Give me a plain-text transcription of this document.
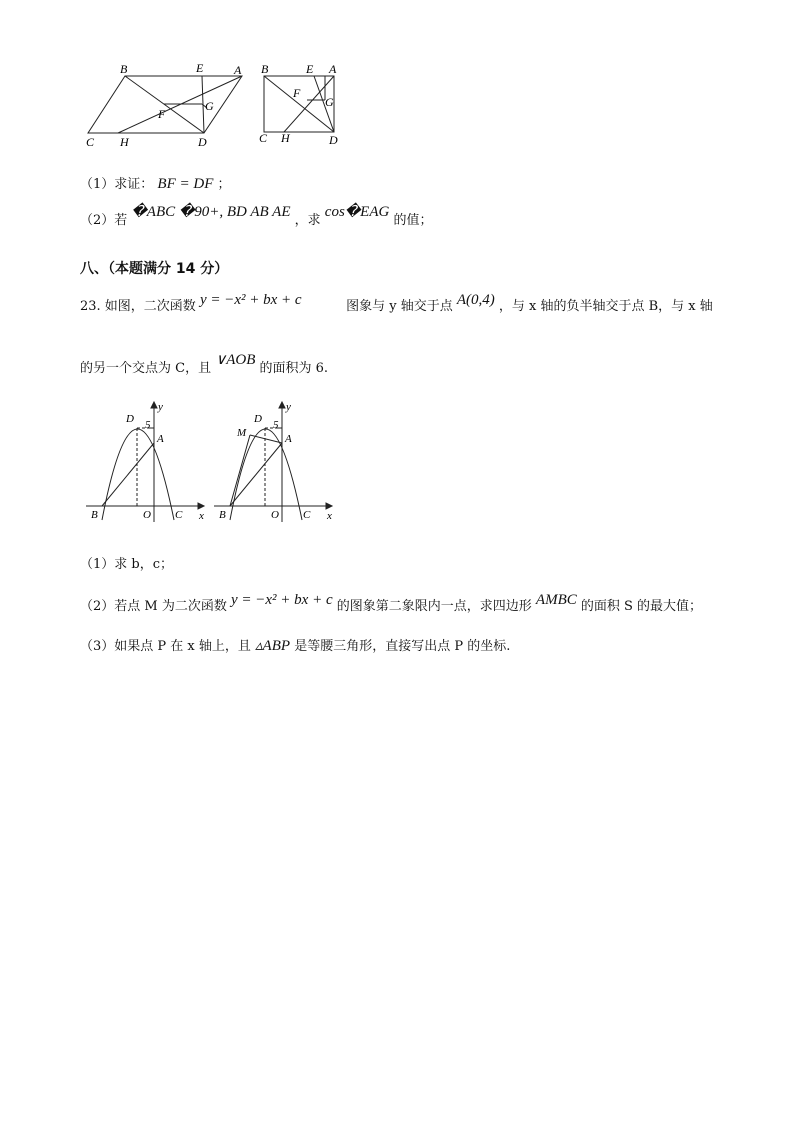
B	E	A
G
F
C H	D
B	E A
F
G
C H	D
（1）求证： BF = DF ；
（2）若 �ABC �90+, BD AB AE ，求 cos�EAG 的值；
八、（本题满分 14 分）
23. 如图，二次函数 y = −x² + bx + c	图象与 y 轴交于点 A(0,4) ，与 x 轴的负半轴交于点 B，与 x 轴
的另一个交点为 C，且 ∨AOB 的面积为 6.
D
y
5
A
B	O C x
D
y
5
M	A
B	O C x
（1）求 b，c；
（2）若点 M 为二次函数 y = −x² + bx + c 的图象第二象限内一点，求四边形 AMBC 的面积 S 的最大值；
（3）如果点 P 在 x 轴上，且 ▵ABP 是等腰三角形，直接写出点 P 的坐标.
